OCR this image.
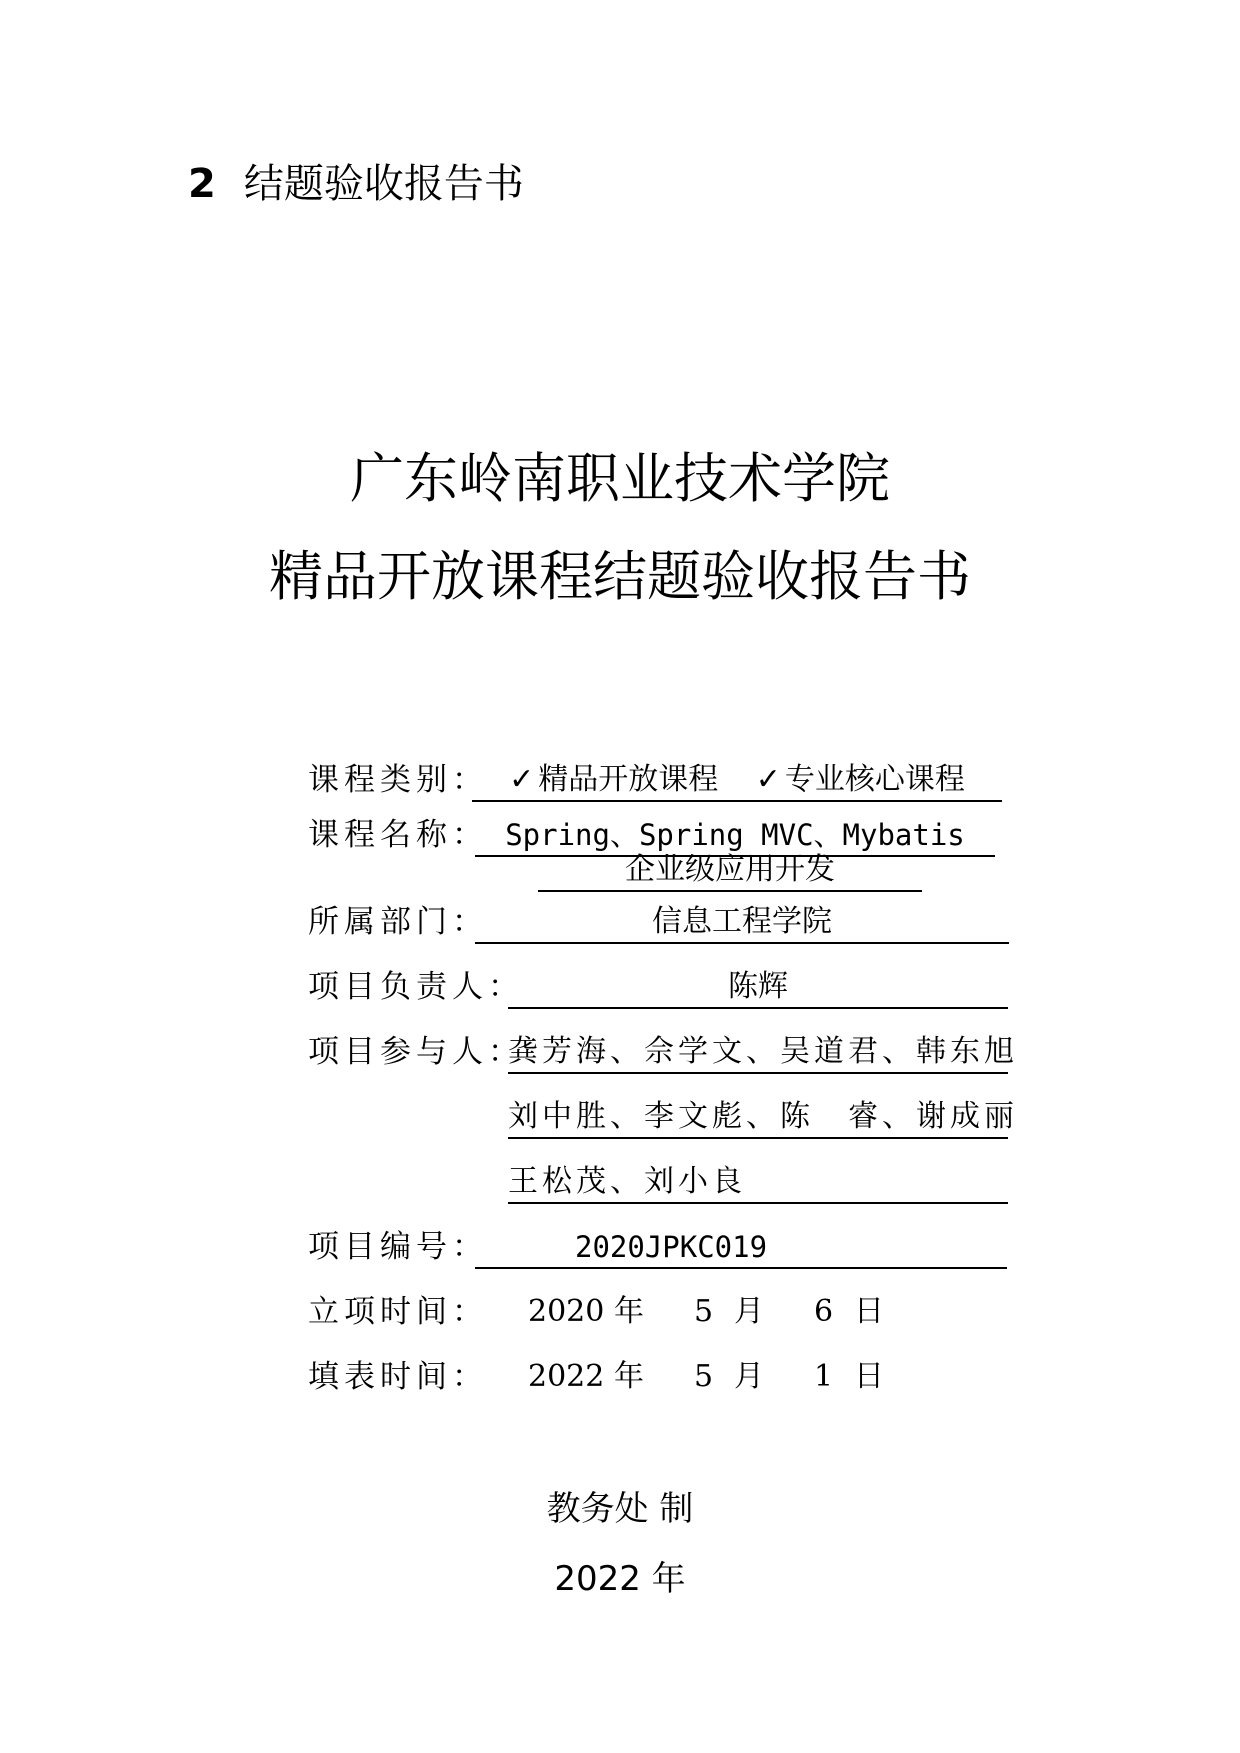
2 结题验收报告书
广东岭南职业技术学院
精品开放课程结题验收报告书
课程类别： ✓ 精品开放课程 ✓ 专业核心课程
课程名称： Spring、Spring MVC、Mybatis
企业级应用开发
所属部门：	信息工程学院
项目负责人：	陈辉
项目参与人：
龚芳海、佘学文、吴道君、韩东旭
刘中胜、李文彪、陈　睿、谢成丽
王松茂、刘小良
项目编号：	2020JPKC019
立项时间： 2020 年 5 月 6 日
填表时间： 2022 年 5 月 1 日
教务处 制
2022 年
